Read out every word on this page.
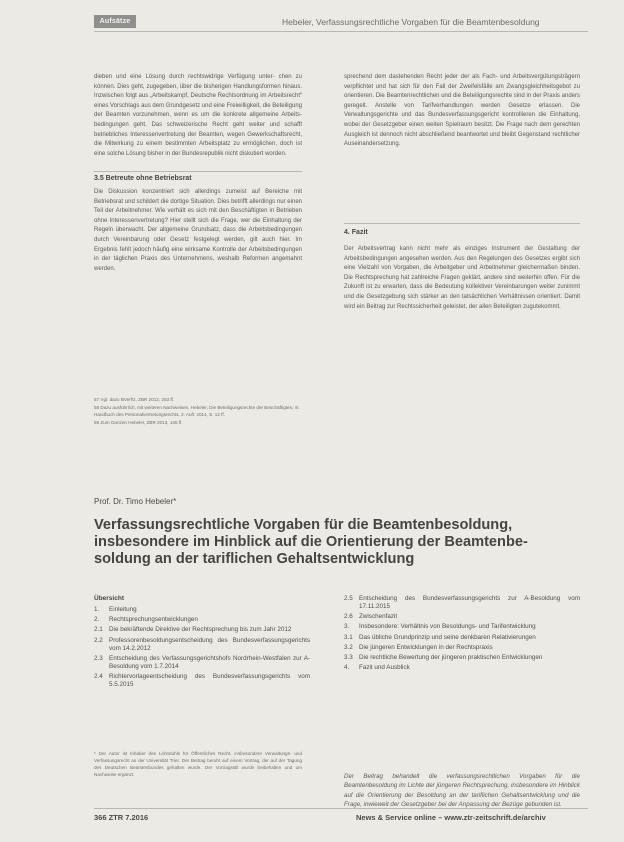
Aufsätze	Hebeler, Verfassungsrechtliche Vorgaben für die Beamtenbesoldung
dieben und eine Lösung durch rechtswidrige Verfügung unter- chen zu können. Dies geht, zugegeben, über die bisherigen Handlungsformen hinaus. Inzwischen folgt aus „Arbeitskampf, Deutsche Rechtsordnung im Arbeitsrecht“ eines Vorschlags aus dem Grundgesetz und eine Freiwilligkeit, die Beteiligung der Beamten vorzunehmen, wenn es um die konkrete allgemeine Arbeits- bedingungen geht. Das schweizerische Recht geht weiter und schafft betriebliches Interessenvertretung der Beamten, wegen Gewerkschaftsrecht, die Mitwirkung zu einem bestimmten Arbeitsplatz zu ermöglichen, doch ist eine solche Lösung bisher in der Bundesrepublik nicht diskutiert worden.
sprechend dem dastehenden Recht jeder der als Fach- und Arbeitsvergütungsträgern verpflichtet und hat sich für den Fall der Zweifelsfälle am Zwangsgleichheitsgebot zu orientieren. Die Beamtenrechtlichen und die Beteiligungsrechte sind in der Praxis anders geregelt. Anstelle von Tarifverhandlungen werden Gesetze erlassen. Die Verwaltungsgerichte und das Bundesverfassungsgericht kontrollieren die Einhaltung, wobei der Gesetzgeber einen weiten Spielraum besitzt. Die Frage nach dem gerechten Ausgleich ist dennoch nicht abschließend beantwortet und bleibt Gegenstand rechtlicher Auseinandersetzung.
3.5 Betreute ohne Betriebsrat
Die Diskussion konzentriert sich allerdings zumeist auf Bereiche mit Betriebsrat und schildert die dortige Situation. Dies betrifft allerdings nur einen Teil der Arbeitnehmer. Wie verhält es sich mit den Beschäftigten in Betrieben ohne Interessenvertretung? Hier stellt sich die Frage, wer die Einhaltung der Regeln überwacht. Der allgemeine Grundsatz, dass die Arbeitsbedingungen durch Vereinbarung oder Gesetz festgelegt werden, gilt auch hier. Im Ergebnis fehlt jedoch häufig eine wirksame Kontrolle der Arbeitsbedingungen in der täglichen Praxis des Unternehmens, weshalb Reformen angemahnt werden.
4. Fazit
Der Arbeitsvertrag kann nicht mehr als einziges Instrument der Gestaltung der Arbeitsbedingungen angesehen werden. Aus den Regelungen des Gesetzes ergibt sich eine Vielzahl von Vorgaben, die Arbeitgeber und Arbeitnehmer gleichermaßen binden. Die Rechtsprechung hat zahlreiche Fragen geklärt, andere sind weiterhin offen. Für die Zukunft ist zu erwarten, dass die Bedeutung kollektiver Vereinbarungen weiter zunimmt und die Gesetzgebung sich stärker an den tatsächlichen Verhältnissen orientiert. Damit wird ein Beitrag zur Rechtssicherheit geleistet, der allen Beteiligten zugutekommt.

57 Vgl. dazu BVerfG, ZBR 2012, 253 ff.

58 Dazu ausführlich, mit weiteren Nachweisen, Hebeler, Die Beteiligungsrechte der Beschäftigten, in: Handbuch des Personalvertretungsrechts, 2. Aufl. 2014, S. 12 ff.

59 Zum Ganzen Hebeler, ZBR 2013, 145 ff.

Prof. Dr. Timo Hebeler*
Verfassungsrechtliche Vorgaben für die Beamtenbesoldung, insbesondere im Hinblick auf die Orientierung der Beamtenbe- soldung an der tariflichen Gehaltsentwicklung
Übersicht
1.	Einleitung
2.	Rechtsprechungsentwicklungen
2.1 Die bekräftende Direktive der Rechtsprechung bis zum Jahr 2012
2.2 Professorenbesoldungsentscheidung des Bundesverfassungsgerichts vom 14.2.2012
2.3 Entscheidung des Verfassungsgerichtshofs Nordrhein-Westfalen zur A-Besoldung vom 1.7.2014
2.4 Richtervorlageentscheidung des Bundesverfassungsgerichts vom 5.5.2015
2.5 Entscheidung des Bundesverfassungsgerichts zur A-Besoldung vom 17.11.2015
2.6 Zwischenfazit
3.	Insbesondere: Verhältnis von Besoldungs- und Tarifentwicklung
3.1 Das übliche Grundprinzip und seine denkbaren Relativierungen
3.2 Die jüngeren Entwicklungen in der Rechtspraxis
3.3 Die rechtliche Bewertung der jüngeren praktischen Entwicklungen
4.	Fazit und Ausblick
* Der Autor ist Inhaber des Lehrstuhls für Öffentliches Recht, insbesondere Verwaltungs- und Verfassungsrecht an der Universität Trier. Der Beitrag beruht auf einem Vortrag, der auf der Tagung des Deutschen Beamtenbundes gehalten wurde. Der Vortragsstil wurde beibehalten und um Nachweise ergänzt.	Der Beitrag behandelt die verfassungsrechtlichen Vorgaben für die Beamtenbesoldung im Lichte der jüngeren Rechtsprechung, insbesondere im Hinblick auf die Orientierung der Besoldung an der tariflichen Gehaltsentwicklung und die Frage, inwieweit der Gesetzgeber bei der Anpassung der Bezüge gebunden ist.
366 ZTR 7.2016	News & Service online – www.ztr-zeitschrift.de/archiv
